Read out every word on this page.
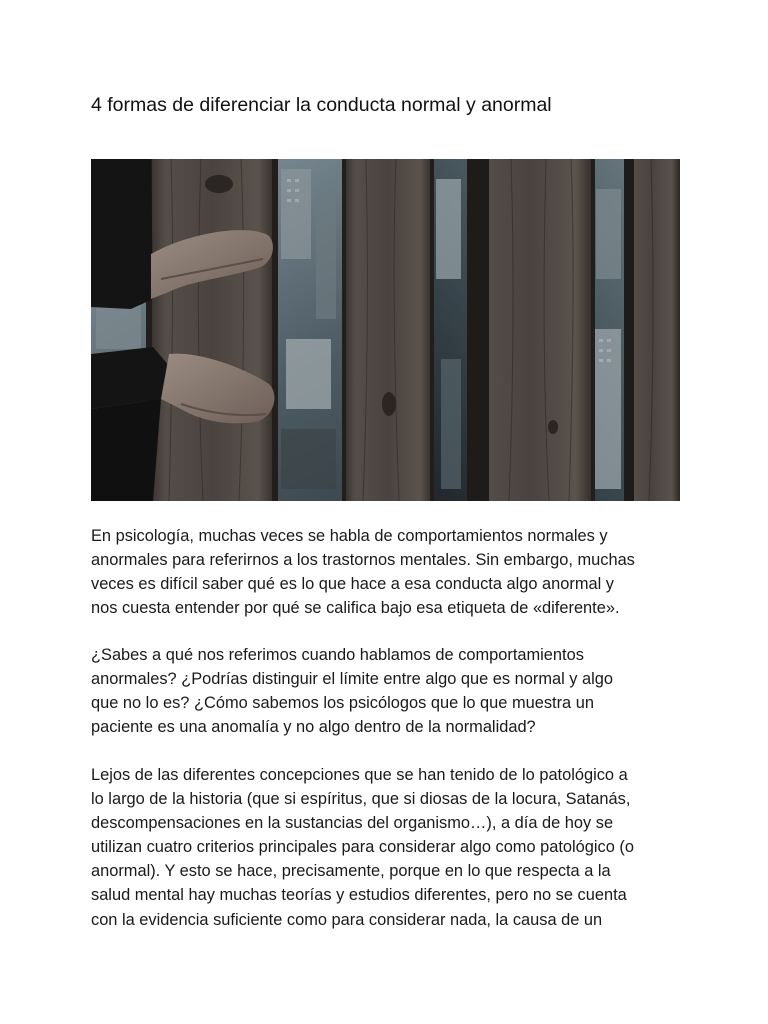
4 formas de diferenciar la conducta normal y anormal

En psicología, muchas veces se habla de comportamientos normales y
anormales para referirnos a los trastornos mentales. Sin embargo, muchas
veces es difícil saber qué es lo que hace a esa conducta algo anormal y
nos cuesta entender por qué se califica bajo esa etiqueta de «diferente».

¿Sabes a qué nos referimos cuando hablamos de comportamientos
anormales? ¿Podrías distinguir el límite entre algo que es normal y algo
que no lo es? ¿Cómo sabemos los psicólogos que lo que muestra un
paciente es una anomalía y no algo dentro de la normalidad?

Lejos de las diferentes concepciones que se han tenido de lo patológico a
lo largo de la historia (que si espíritus, que si diosas de la locura, Satanás,
descompensaciones en la sustancias del organismo…), a día de hoy se
utilizan cuatro criterios principales para considerar algo como patológico (o
anormal). Y esto se hace, precisamente, porque en lo que respecta a la
salud mental hay muchas teorías y estudios diferentes, pero no se cuenta
con la evidencia suficiente como para considerar nada, la causa de un
